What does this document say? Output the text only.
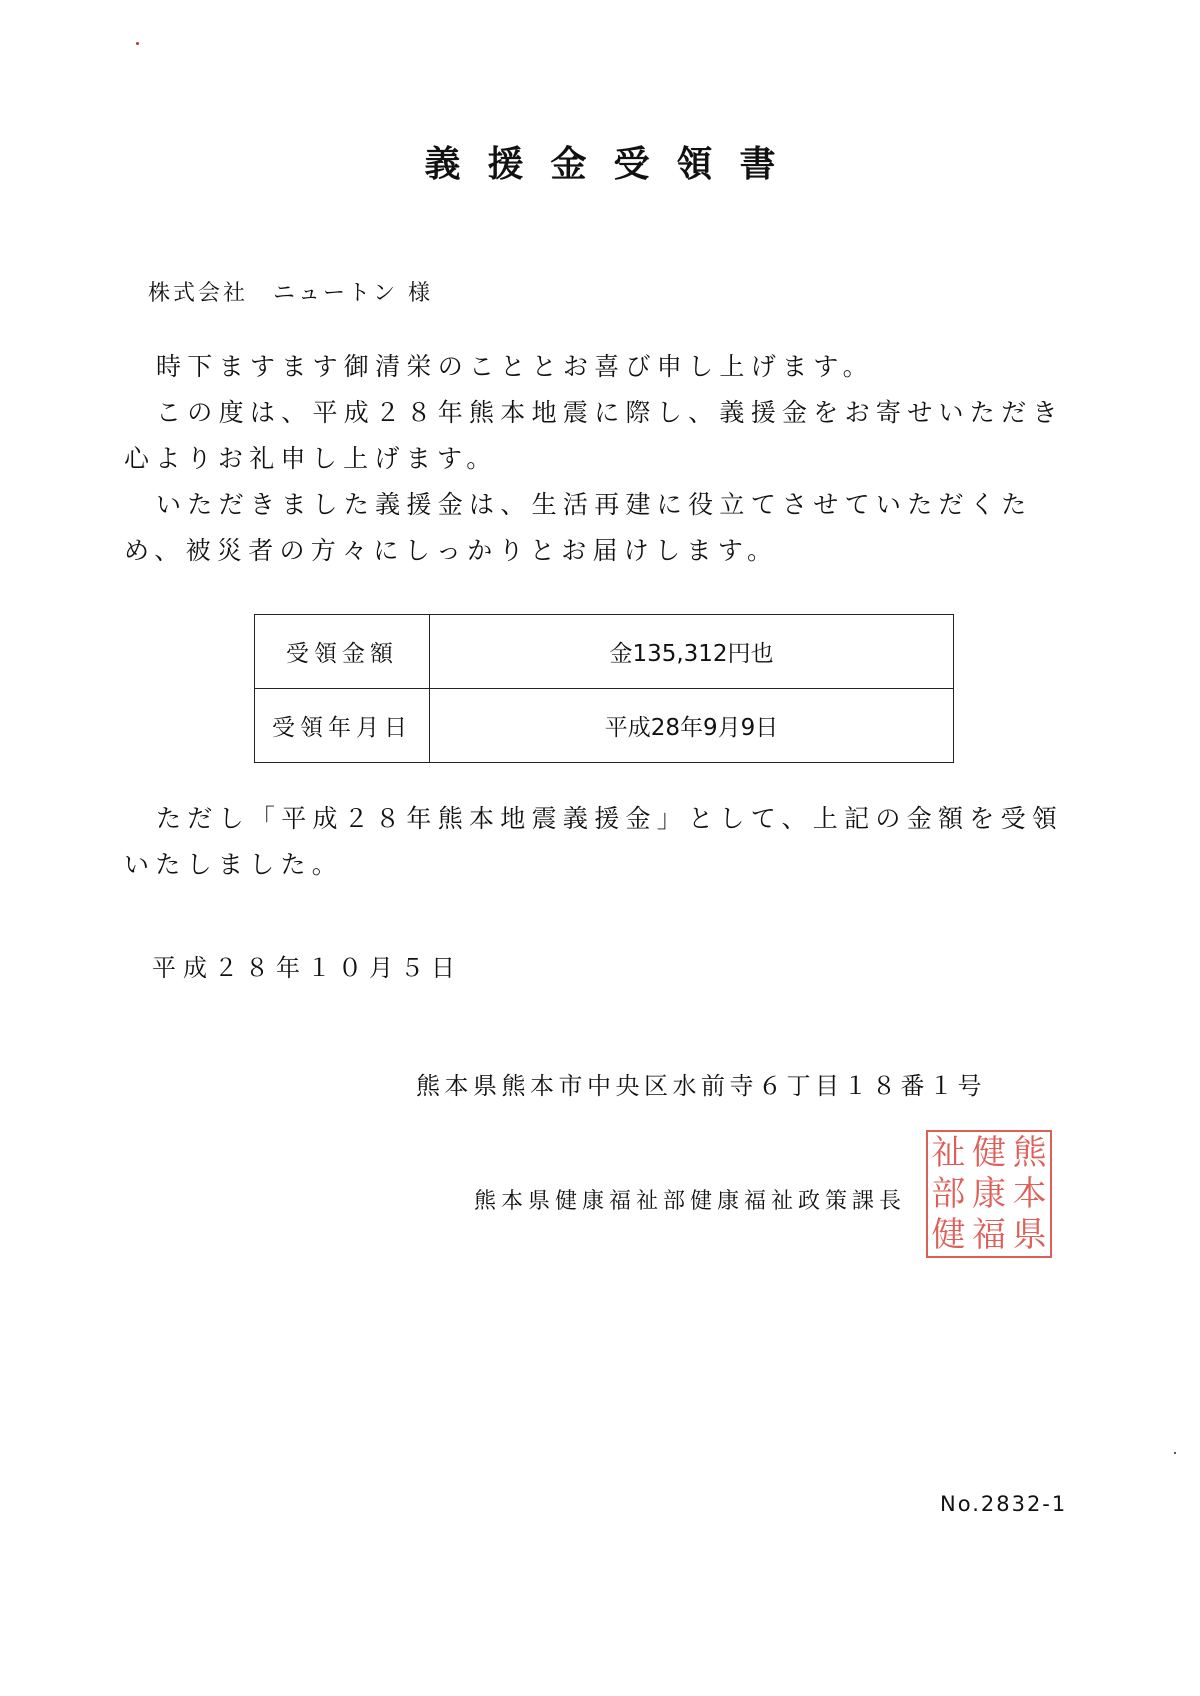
義援金受領書
株式会社　ニュートン 様

時下ますます御清栄のこととお喜び申し上げます。

この度は、平成２８年熊本地震に際し、義援金をお寄せいただき心よりお礼申し上げます。

いただきました義援金は、生活再建に役立てさせていただくため、被災者の方々にしっかりとお届けします。

受領金額	金135,312円也
受領年月日	平成28年9月9日

ただし「平成２８年熊本地震義援金」として、上記の金額を受領いたしました。

平成２８年１０月５日
熊本県熊本市中央区水前寺６丁目１８番１号
熊本県健康福祉部健康福祉政策課長
祉 健 熊
部 康 本
健 福 県
No.2832-1
